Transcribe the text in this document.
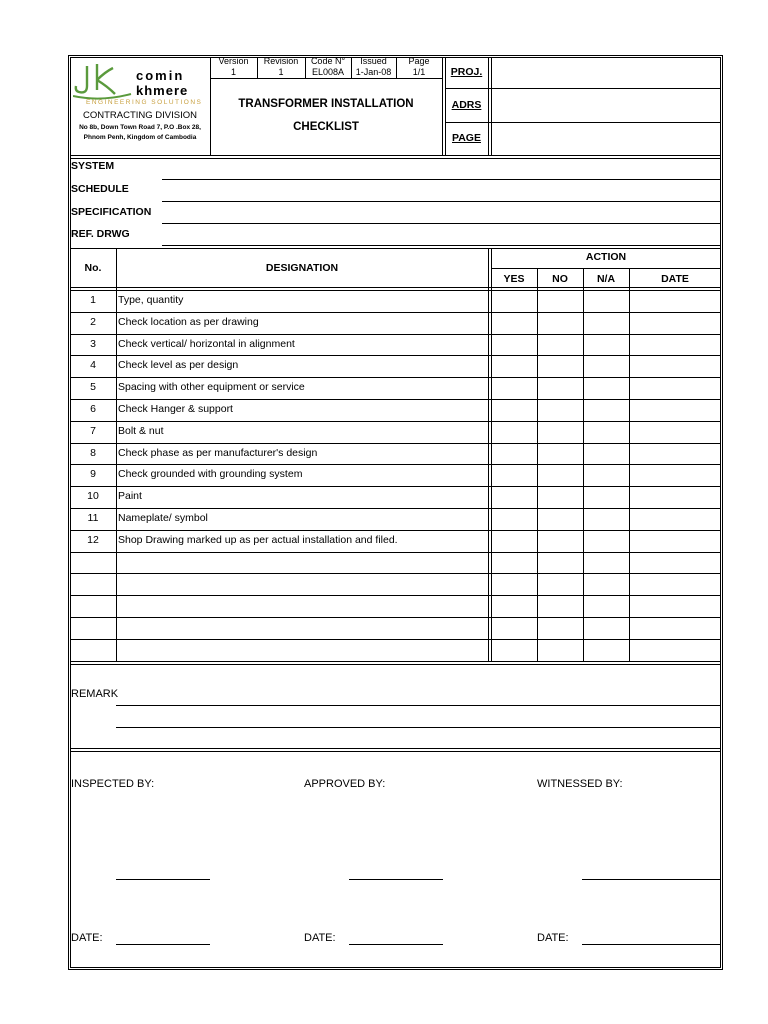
comin
khmere
ENGINEERING SOLUTIONS
CONTRACTING DIVISION
No 8b, Down Town Road 7, P.O .Box 28,
Phnom Penh, Kingdom of Cambodia
Version	Revision	Code N°	Issued	Page
1	1	EL008A	1-Jan-08	1/1
TRANSFORMER INSTALLATION
CHECKLIST
PROJ.
ADRS
PAGE
SYSTEM
SCHEDULE
SPECIFICATION
REF. DRWG
No.	DESIGNATION
ACTION
YES	NO	N/A	DATE
1	Type, quantity
2	Check location as per drawing
3	Check vertical/ horizontal in alignment
4	Check level as per design
5	Spacing with other equipment or service
6	Check Hanger & support
7	Bolt & nut
8	Check phase as per manufacturer's design
9	Check grounded with grounding system
10	Paint
11	Nameplate/ symbol
12	Shop Drawing marked up as per actual installation and filed.
REMARK
INSPECTED BY:	APPROVED BY:	WITNESSED BY:
DATE:	DATE:	DATE:
